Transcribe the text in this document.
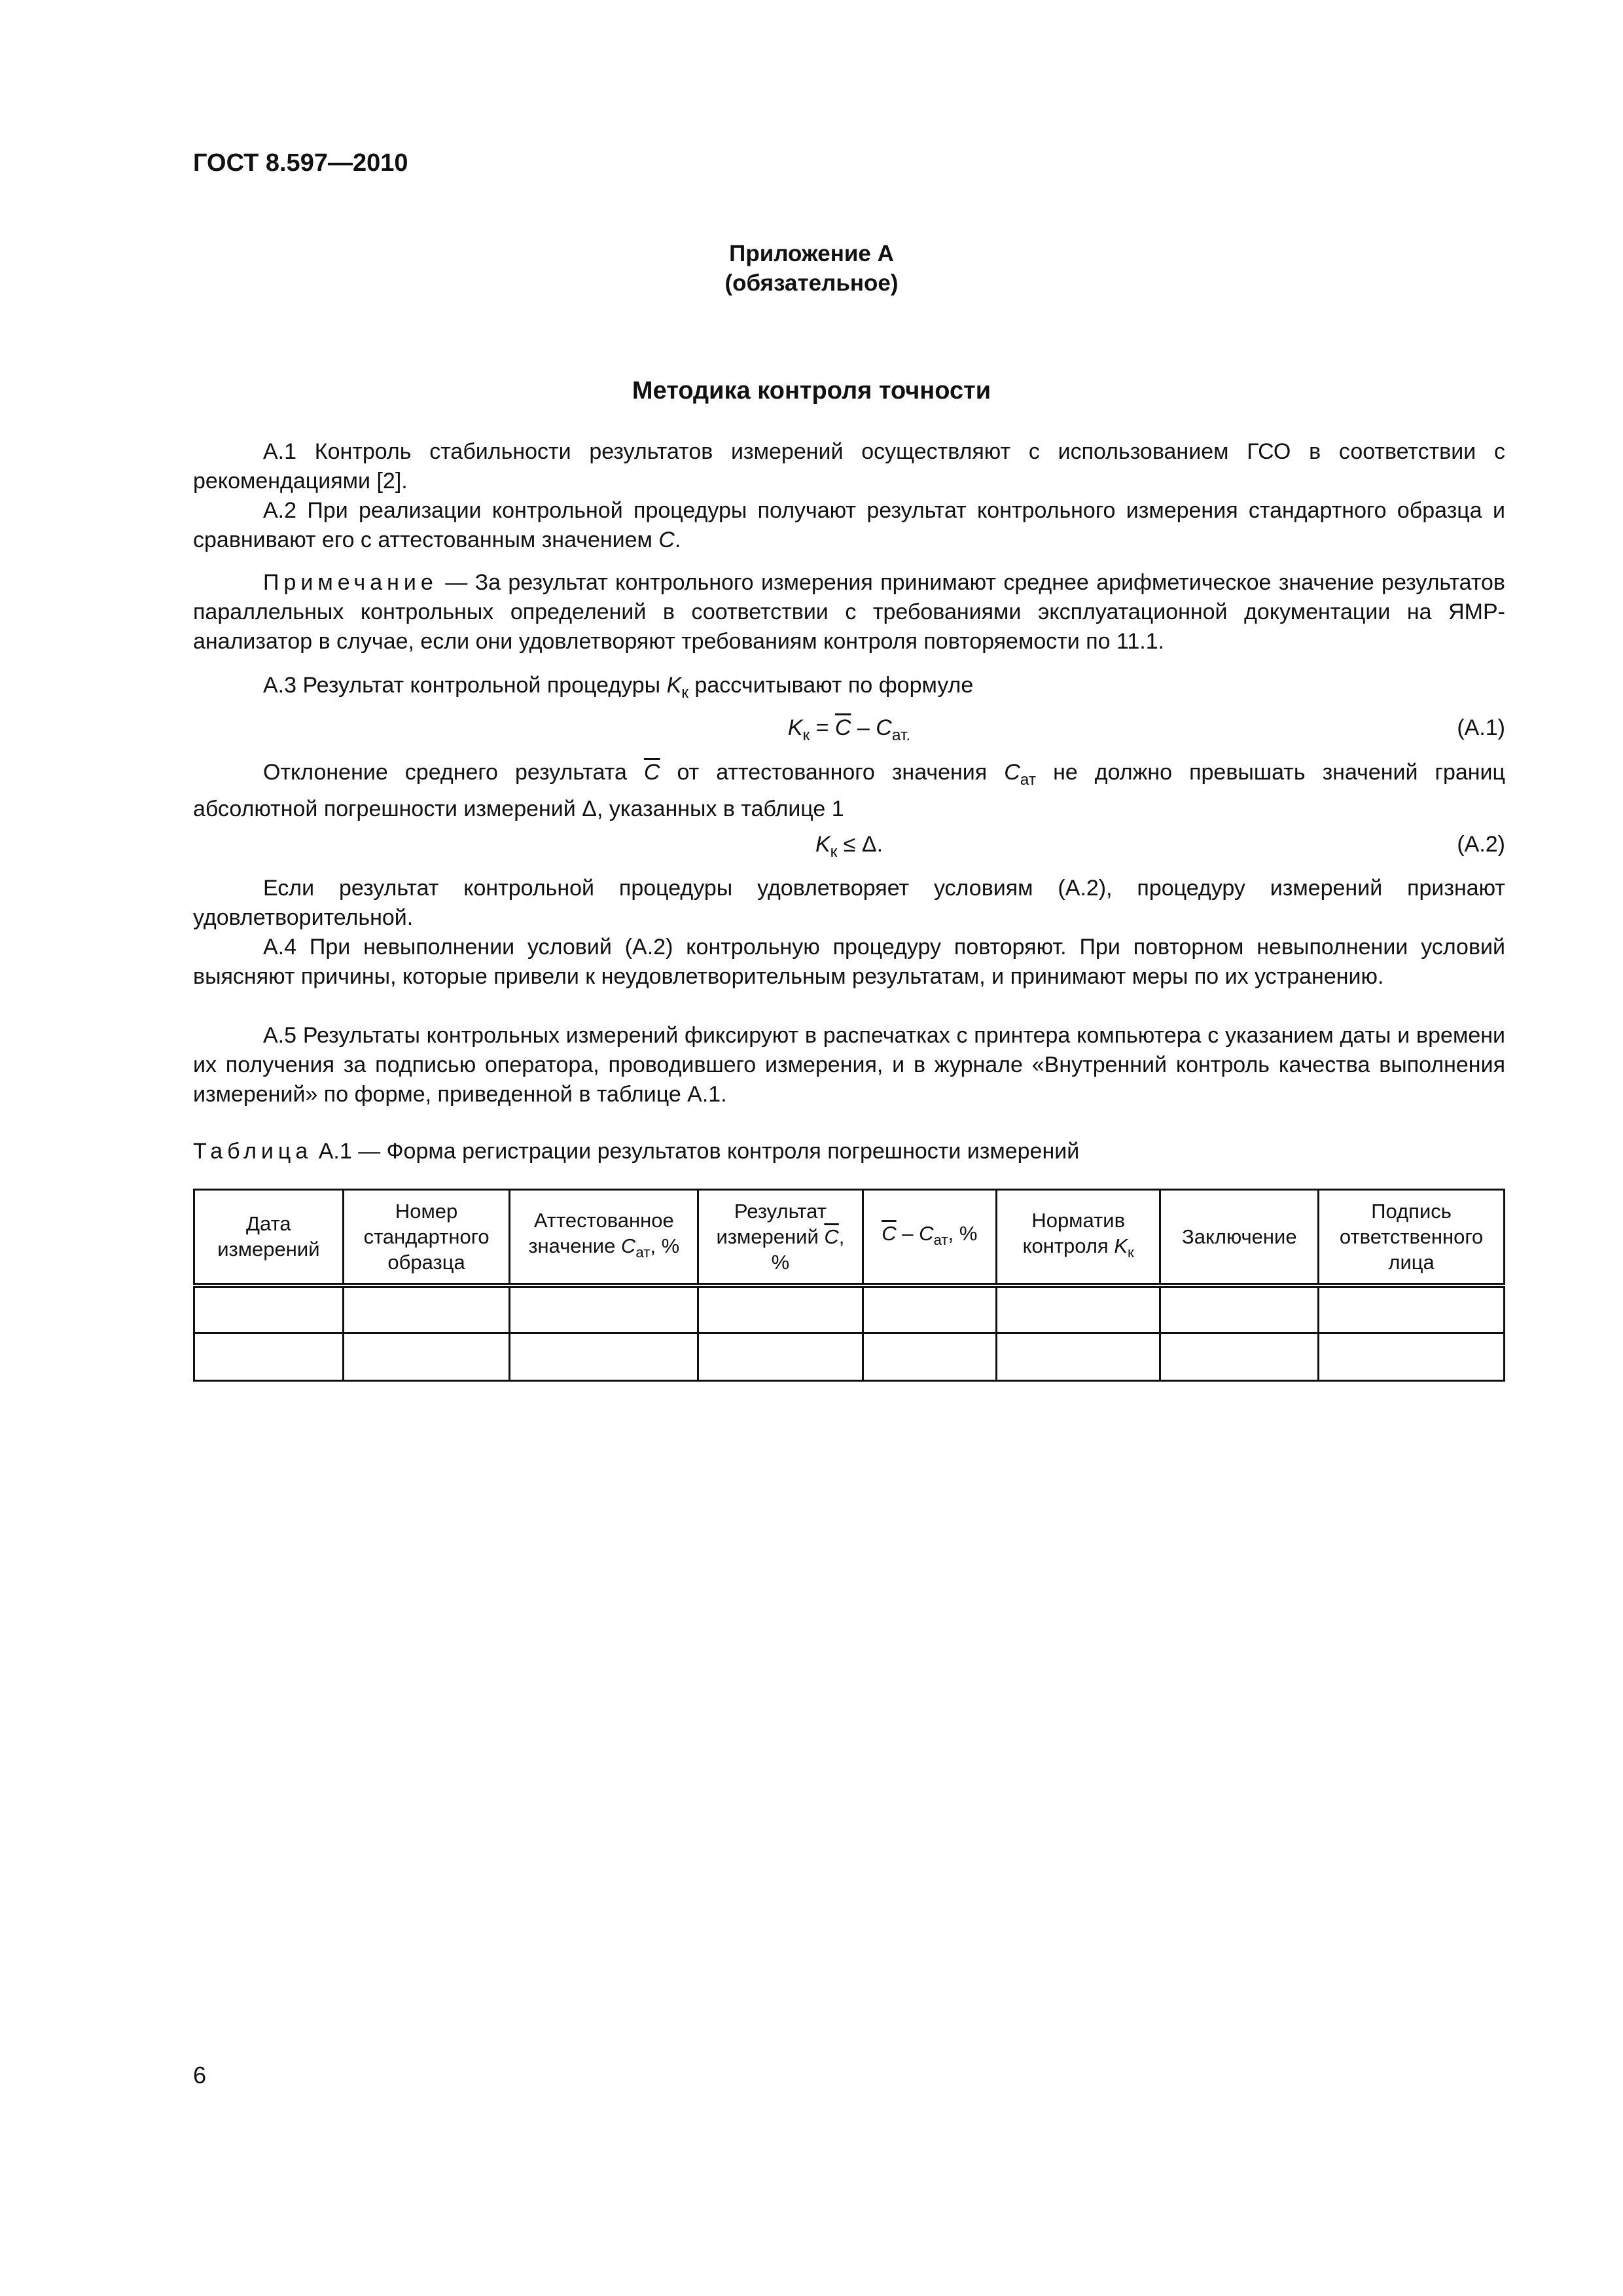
ГОСТ 8.597—2010
Приложение А
(обязательное)
Методика контроля точности
А.1 Контроль стабильности результатов измерений осуществляют с использованием ГСО в соответствии с рекомендациями [2].
А.2 При реализации контрольной процедуры получают результат контрольного измерения стандартного образца и сравнивают его с аттестованным значением C.
Примечание — За результат контрольного измерения принимают среднее арифметическое значение результатов параллельных контрольных определений в соответствии с требованиями эксплуатационной документации на ЯМР-анализатор в случае, если они удовлетворяют требованиям контроля повторяемости по 11.1.
А.3 Результат контрольной процедуры $K_к$ рассчитывают по формуле
$K_к = \overline{C} - C_{ат.}$	(А.1)
Отклонение среднего результата $\overline{C}$ от аттестованного значения $C_{ат}$ не должно превышать значений границ абсолютной погрешности измерений Δ, указанных в таблице 1
$K_к \le \Delta$.	(А.2)
Если результат контрольной процедуры удовлетворяет условиям (А.2), процедуру измерений признают удовлетворительной.
А.4 При невыполнении условий (А.2) контрольную процедуру повторяют. При повторном невыполнении условий выясняют причины, которые привели к неудовлетворительным результатам, и принимают меры по их устранению.
А.5 Результаты контрольных измерений фиксируют в распечатках с принтера компьютера с указанием даты и времени их получения за подписью оператора, проводившего измерения, и в журнале «Внутренний контроль качества выполнения измерений» по форме, приведенной в таблице А.1.
Таблица А.1 — Форма регистрации результатов контроля погрешности измерений
Дата измерений	Номер стандартного образца	Аттестованное значение $C_{ат}$, %	Результат измерений $\overline{C}$, %	$\overline{C} - C_{ат}$, %	Норматив контроля $K_к$	Заключение	Подпись ответственного лица

6
